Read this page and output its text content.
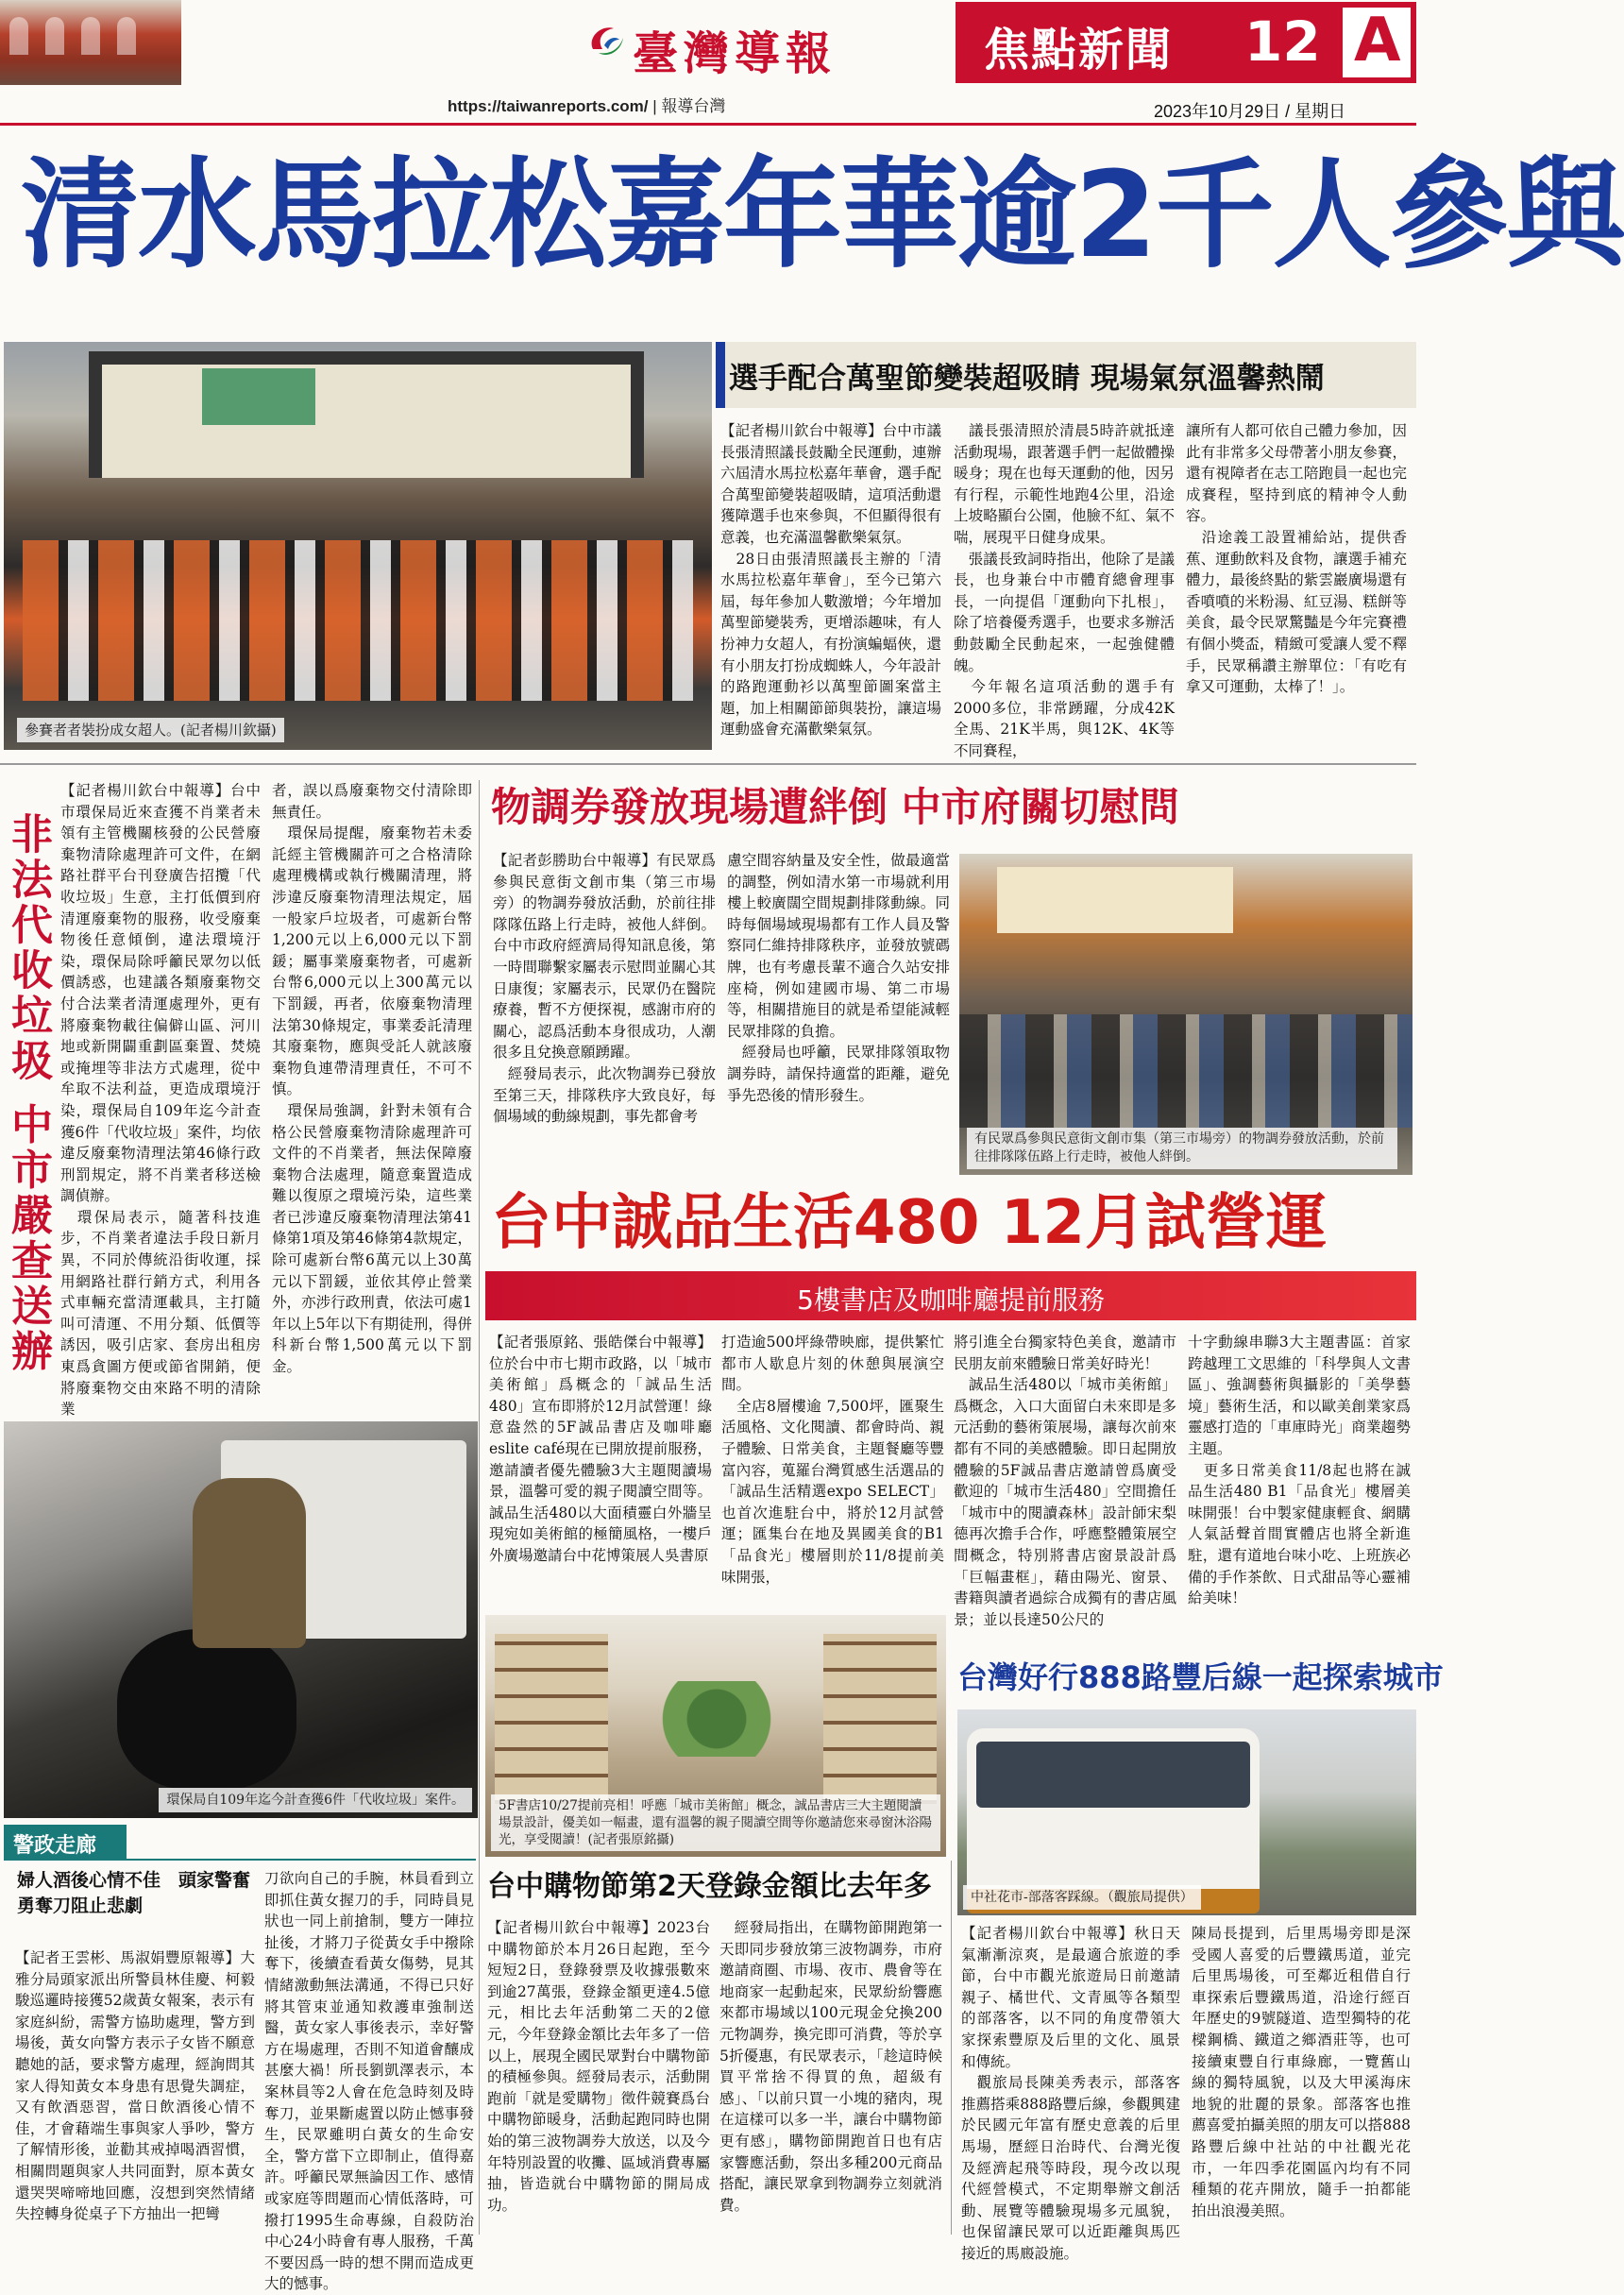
臺灣導報
https://taiwanreports.com/ | 報導台灣
焦點新聞 12 A
2023年10月29日 / 星期日
清水馬拉松嘉年華逾2千人參與
參賽者者裝扮成女超人。(記者楊川欽攝)
選手配合萬聖節變裝超吸睛 現場氣氛溫馨熱鬧
【記者楊川欽台中報導】台中市議長張清照議長鼓勵全民運動，連辦六屆清水馬拉松嘉年華會，選手配合萬聖節變裝超吸睛，這項活動還獲障選手也來參與，不但顯得很有意義，也充滿溫馨歡樂氣氛。
　28日由張清照議長主辦的「清水馬拉松嘉年華會」，至今已第六屆，每年參加人數激增；今年增加萬聖節變裝秀，更增添趣味，有人扮神力女超人，有扮演蝙蝠俠，還有小朋友打扮成蜘蛛人，今年設計的路跑運動衫以萬聖節圖案當主題，加上相關節節與裝扮，讓這場運動盛會充滿歡樂氣氛。
　議長張清照於清晨5時許就抵達活動現場，跟著選手們一起做體操暖身；現在也每天運動的他，因另有行程，示範性地跑4公里，沿途上坡略顯台公園，他臉不紅、氣不喘，展現平日健身成果。
　張議長致詞時指出，他除了是議長，也身兼台中市體育總會理事長，一向提倡「運動向下扎根」，除了培養優秀選手，也要求多辦活動鼓勵全民動起來，一起強健體魄。
　今年報名這項活動的選手有2000多位，非常踴躍，分成42K全馬、21K半馬，與12K、4K等不同賽程，
讓所有人都可依自己體力參加，因此有非常多父母帶著小朋友參賽，還有視障者在志工陪跑員一起也完成賽程，堅持到底的精神令人動容。
　沿途義工設置補給站，提供香蕉、運動飲料及食物，讓選手補充體力，最後終點的紫雲巖廣場還有香噴噴的米粉湯、紅豆湯、糕餅等美食，最令民眾驚豔是今年完賽禮有個小獎盃，精緻可愛讓人愛不釋手，民眾稱讚主辦單位：「有吃有拿又可運動，太棒了！」。
非法代收垃圾 中市嚴查送辦
【記者楊川欽台中報導】台中市環保局近來查獲不肖業者未領有主管機關核發的公民營廢棄物清除處理許可文件，在網路社群平台刊登廣告招攬「代收垃圾」生意，主打低價到府清運廢棄物的服務，收受廢棄物後任意傾倒，違法環境汙染，環保局除呼籲民眾勿以低價誘惑，也建議各類廢棄物交付合法業者清運處理外，更有將廢棄物載往偏僻山區、河川地或新開闢重劃區棄置、焚燒或掩埋等非法方式處理，從中牟取不法利益，更造成環境汙染，環保局自109年迄今計查獲6件「代收垃圾」案件，均依違反廢棄物清理法第46條行政刑罰規定，將不肖業者移送檢調偵辦。
　環保局表示，隨著科技進步，不肖業者違法手段日新月異，不同於傳統沿街收運，採用網路社群行銷方式，利用各式車輛充當清運載具，主打隨叫可清運、不用分類、低價等誘因，吸引店家、套房出租房東爲貪圖方便或節省開銷，便將廢棄物交由來路不明的清除業
者，誤以爲廢棄物交付清除即無責任。
　環保局提醒，廢棄物若未委託經主管機關許可之合格清除處理機構或執行機關清理，將涉違反廢棄物清理法規定，屆一般家戶垃圾者，可處新台幣1,200元以上6,000元以下罰鍰；屬事業廢棄物者，可處新台幣6,000元以上300萬元以下罰鍰，再者，依廢棄物清理法第30條規定，事業委託清理其廢棄物，應與受託人就該廢棄物負連帶清理責任，不可不慎。
　環保局強調，針對未領有合格公民營廢棄物清除處理許可文件的不肖業者，無法保障廢棄物合法處理，隨意棄置造成難以復原之環境污染，這些業者已涉違反廢棄物清理法第41條第1項及第46條第4款規定，除可處新台幣6萬元以上30萬元以下罰鍰，並依其停止營業外，亦涉行政刑責，依法可處1年以上5年以下有期徒刑，得併科新台幣1,500萬元以下罰金。
環保局自109年迄今計查獲6件「代收垃圾」案件。
物調券發放現場遭絆倒 中市府關切慰問
【記者彭勝助台中報導】有民眾爲參與民意街文創市集（第三市場旁）的物調券發放活動，於前往排隊隊伍路上行走時，被他人絆倒。台中市政府經濟局得知訊息後，第一時間聯繫家屬表示慰問並關心其日康復；家屬表示，民眾仍在醫院療養，暫不方便探視，感謝市府的關心，認爲活動本身很成功，人潮很多且兌換意願踴躍。
　經發局表示，此次物調券已發放至第三天，排隊秩序大致良好，每個場域的動線規劃，事先都會考
慮空間容納量及安全性，做最適當的調整，例如清水第一市場就利用樓上較廣闊空間規劃排隊動線。同時每個場域現場都有工作人員及警察同仁維持排隊秩序，並發放號碼牌，也有考慮長輩不適合久站安排座椅，例如建國市場、第二市場等，相關措施目的就是希望能減輕民眾排隊的負擔。
　經發局也呼籲，民眾排隊領取物調券時，請保持適當的距離，避免爭先恐後的情形發生。
有民眾爲參與民意街文創市集（第三市場旁）的物調券發放活動，於前往排隊隊伍路上行走時，被他人絆倒。
台中誠品生活480 12月試營運
5樓書店及咖啡廳提前服務
【記者張原銘、張皓傑台中報導】位於台中市七期市政路，以「城市美術館」爲概念的「誠品生活480」宣布即將於12月試營運！綠意盎然的5F誠品書店及咖啡廳eslite café現在已開放提前服務，邀請讀者優先體驗3大主題閱讀場景，溫馨可愛的親子閱讀空間等。誠品生活480以大面積靈白外牆呈現宛如美術館的極簡風格，一樓戶外廣場邀請台中花博策展人吳書原
打造逾500坪綠帶映廊，提供繁忙都市人歇息片刻的休憩與展演空間。
　全店8層樓逾 7,500坪，匯聚生活風格、文化閱讀、都會時尚、親子體驗、日常美食，主題餐廳等豐富內容，蒐羅台灣質感生活選品的「誠品生活精選expo SELECT」也首次進駐台中，將於12月試營運；匯集台在地及異國美食的B1「品食光」樓層則於11/8提前美味開張，
將引進全台獨家特色美食，邀請市民朋友前來體驗日常美好時光！
　誠品生活480以「城市美術館」爲概念，入口大面留白未來即是多元活動的藝術策展場，讓每次前來都有不同的美感體驗。即日起開放體驗的5F誠品書店邀請曾爲廣受歡迎的「城市生活480」空間擔任「城市中的閱讀森林」設計師宋梨德再次擔手合作，呼應整體策展空間概念，特別將書店窗景設計爲「巨幅畫框」，藉由陽光、窗景、書籍與讀者過綜合成獨有的書店風景；並以長達50公尺的
十字動線串聯3大主題書區：首家跨越理工文思維的「科學與人文書區」、強調藝術與攝影的「美學藝境」藝術生活，和以歐美創業家爲靈感打造的「車庫時光」商業趨勢主題。
　更多日常美食11/8起也將在誠品生活480 B1「品食光」樓層美味開張！台中製家健康輕食、網購人氣話聲首間實體店也將全新進駐，還有道地台味小吃、上班族必備的手作茶飲、日式甜品等心靈補給美味！
5F書店10/27提前亮相！呼應「城市美術館」概念，誠品書店三大主題閱讀場景設計，優美如一幅畫，還有溫馨的親子閱讀空間等你邀請您來尋窗沐浴陽光，享受閱讀！(記者張原銘攝)
台灣好行888路豐后線一起探索城市
中社花市-部落客踩線。（觀旅局提供）
【記者楊川欽台中報導】秋日天氣漸漸涼爽，是最適合旅遊的季節，台中市觀光旅遊局日前邀請親子、橘世代、文青風等各類型的部落客，以不同的角度帶領大家探索豐原及后里的文化、風景和傳統。
　觀旅局長陳美秀表示，部落客推薦搭乘888路豐后線，參觀興建於民國元年富有歷史意義的后里馬場，歷經日治時代、台灣光復及經濟起飛等時段，現今改以現代經營模式，不定期舉辦文創活動、展覽等體驗現場多元風貌，也保留讓民眾可以近距離與馬匹接近的馬廄設施。
陳局長提到，后里馬場旁即是深受國人喜愛的后豐鐵馬道，並完后里馬場後，可至鄰近租借自行車探索后豐鐵馬道，沿途行經百年歷史的9號隧道、造型獨特的花樑鋼橋、鐵道之鄉酒莊等，也可接續東豐自行車綠廊，一覽舊山線的獨特風貌，以及大甲溪海床地貌的壯麗的景象。部落客也推薦喜愛拍攝美照的朋友可以搭888路豐后線中社站的中社觀光花市，一年四季花園區內均有不同種類的花卉開放，隨手一拍都能拍出浪漫美照。
台中購物節第2天登錄金額比去年多
【記者楊川欽台中報導】2023台中購物節於本月26日起跑，至今短短2日，登錄發票及收據張數來到逾27萬張，登錄金額更達4.5億元，相比去年活動第二天的2億元，今年登錄金額比去年多了一倍以上，展現全國民眾對台中購物節的積極參與。經發局表示，活動開跑前「就是愛購物」徵件競賽爲台中購物節暖身，活動起跑同時也開始的第三波物調券大放送，以及今年特別設置的收攤、區域消費專屬抽，皆造就台中購物節的開局成功。
　經發局指出，在購物節開跑第一天即同步發放第三波物調券，市府邀請商圈、市場、夜市、農會等在地商家一起動起來，民眾紛紛響應來都市場域以100元現金兌換200元物調券，換完即可消費，等於享5折優惠，有民眾表示，「趁這時候買平常捨不得買的魚，超級有感」、「以前只買一小塊的豬肉，現在這樣可以多一半，讓台中購物節更有感」，購物節開跑首日也有店家響應活動，祭出多種200元商品搭配，讓民眾拿到物調券立刻就消費。
警政走廊
婦人酒後心情不佳　頭家警奮勇奪刀阻止悲劇
【記者王雲彬、馬淑娟豐原報導】大雅分局頭家派出所警員林佳慶、柯毅駿巡邏時接獲52歲黃女報案，表示有家庭糾紛，需警方協助處理，警方到場後，黃女向警方表示子女皆不願意聽她的話，要求警方處理，經詢問其家人得知黃女本身患有思覺失調症，又有飲酒惡習，當日飲酒後心情不佳，才會藉端生事與家人爭吵，警方了解情形後，並勸其戒掉喝酒習慣，相關問題與家人共同面對，原本黃女還哭哭啼啼地回應，沒想到突然情緒失控轉身從桌子下方抽出一把彎
刀欲向自己的手腕，林員看到立即抓住黃女握刀的手，同時員見狀也一同上前搶制，雙方一陣拉扯後，才將刀子從黃女手中撥除奪下，後續查看黃女傷勢，見其情緒激動無法溝通，不得已只好將其管束並通知救護車強制送醫，黃女家人事後表示，幸好警方在場處理，否則不知道會釀成甚麼大禍！所長劉凱澤表示，本案林員等2人會在危急時刻及時奪刀，並果斷處置以防止憾事發生，民眾雖明白黃女的生命安全，警方當下立即制止，值得嘉許。呼籲民眾無論因工作、感情或家庭等問題而心情低落時，可撥打1995生命專線，自殺防治中心24小時會有專人服務，千萬不要因爲一時的想不開而造成更大的憾事。
